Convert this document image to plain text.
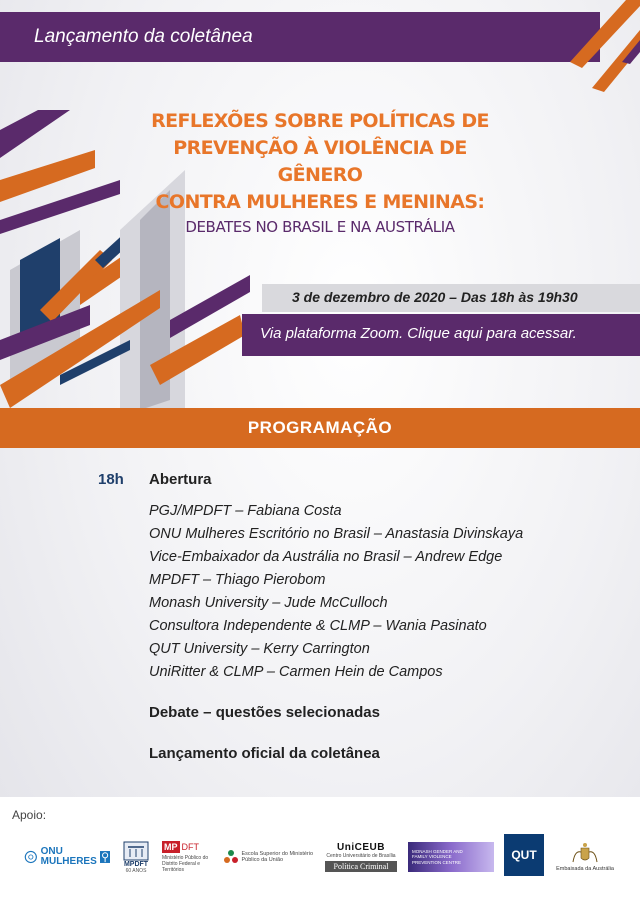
Lançamento da coletânea
REFLEXÕES SOBRE POLÍTICAS DE
PREVENÇÃO À VIOLÊNCIA DE GÊNERO
CONTRA MULHERES E MENINAS:
DEBATES NO BRASIL E NA AUSTRÁLIA
3 de dezembro de 2020 – Das 18h às 19h30
Via plataforma Zoom. Clique aqui para acessar.
PROGRAMAÇÃO
18h Abertura
PGJ/MPDFT – Fabiana Costa
ONU Mulheres Escritório no Brasil – Anastasia Divinskaya
Vice-Embaixador da Austrália no Brasil – Andrew Edge
MPDFT – Thiago Pierobom
Monash University – Jude McCulloch
Consultora Independente & CLMP – Wania Pasinato
QUT University – Kerry Carrington
UniRitter & CLMP – Carmen Hein de Campos
Debate – questões selecionadas
Lançamento oficial da coletânea
Apoio:
ONU
MULHERES	MPDFT
60 ANOS
MP DFT
Ministério Público do Distrito Federal e Territórios
Escola Superior do Ministério Público da União
UniCEUB
Centro Universitário de Brasília
Política Criminal
MONASH GENDER AND FAMILY VIOLENCE PREVENTION CENTRE
QUT
Embaixada da Austrália
